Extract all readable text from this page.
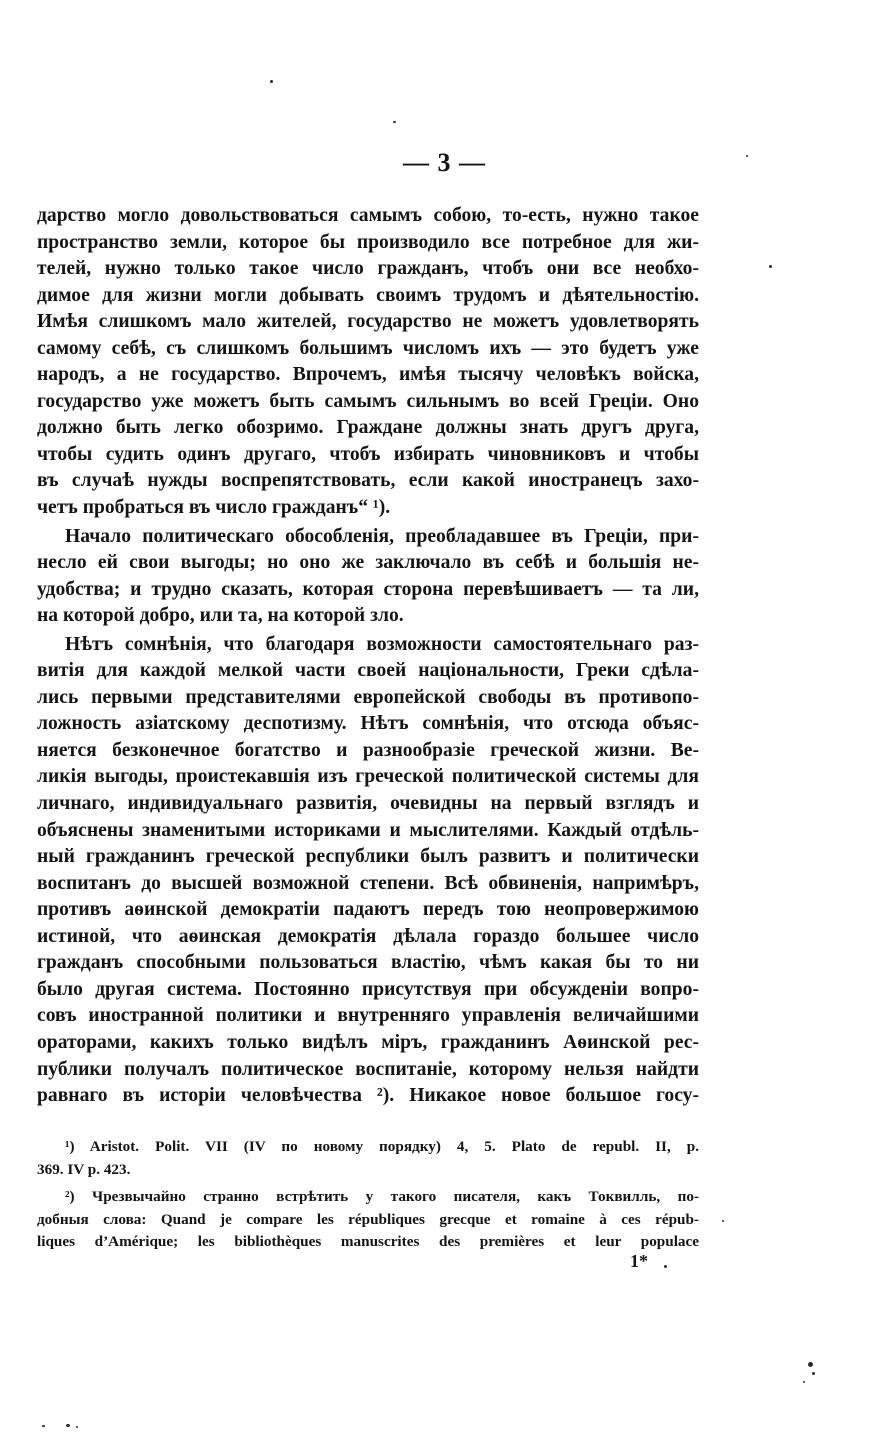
— 3 —
дарство могло довольствоваться самымъ собою, то-есть, нужно такое
пространство земли, которое бы производило все потребное для жи-
телей, нужно только такое число гражданъ, чтобъ они все необхо-
димое для жизни могли добывать своимъ трудомъ и дѣятельностію.
Имѣя слишкомъ мало жителей, государство не можетъ удовлетворять
самому себѣ, съ слишкомъ большимъ числомъ ихъ — это будетъ уже
народъ, а не государство. Впрочемъ, имѣя тысячу человѣкъ войска,
государство уже можетъ быть самымъ сильнымъ во всей Греціи. Оно
должно быть легко обозримо. Граждане должны знать другъ друга,
чтобы судить одинъ другаго, чтобъ избирать чиновниковъ и чтобы
въ случаѣ нужды воспрепятствовать, если какой иностранецъ захо-
четъ пробраться въ число гражданъ“ ¹).
Начало политическаго обособленія, преобладавшее въ Греціи, при-
несло ей свои выгоды; но оно же заключало въ себѣ и большія не-
удобства; и трудно сказать, которая сторона перевѣшиваетъ — та ли,
на которой добро, или та, на которой зло.
Нѣтъ сомнѣнія, что благодаря возможности самостоятельнаго раз-
витія для каждой мелкой части своей національности, Греки сдѣла-
лись первыми представителями европейской свободы въ противопо-
ложность азіатскому деспотизму. Нѣтъ сомнѣнія, что отсюда объяс-
няется безконечное богатство и разнообразіе греческой жизни. Ве-
ликія выгоды, проистекавшія изъ греческой политической системы для
личнаго, индивидуальнаго развитія, очевидны на первый взглядъ и
объяснены знаменитыми историками и мыслителями. Каждый отдѣль-
ный гражданинъ греческой республики былъ развитъ и политически
воспитанъ до высшей возможной степени. Всѣ обвиненія, напримѣръ,
противъ аѳинской демократіи падаютъ передъ тою неопровержимою
истиной, что аѳинская демократія дѣлала гораздо большее число
гражданъ способными пользоваться властію, чѣмъ какая бы то ни
было другая система. Постоянно присутствуя при обсужденіи вопро-
совъ иностранной политики и внутренняго управленія величайшими
ораторами, какихъ только видѣлъ міръ, гражданинъ Аѳинской рес-
публики получалъ политическое воспитаніе, которому нельзя найдти
равнаго въ исторіи человѣчества ²). Никакое новое большое госу-
¹) Aristot. Polit. VII (IV по новому порядку) 4, 5. Plato de republ. II, p.
369. IV p. 423.
²) Чрезвычайно странно встрѣтить у такого писателя, какъ Токвилль, по-
добныя слова: Quand je compare les républiques grecque et romaine à ces répub-
liques d’Amérique; les bibliothèques manuscrites des premières et leur populace
1*
